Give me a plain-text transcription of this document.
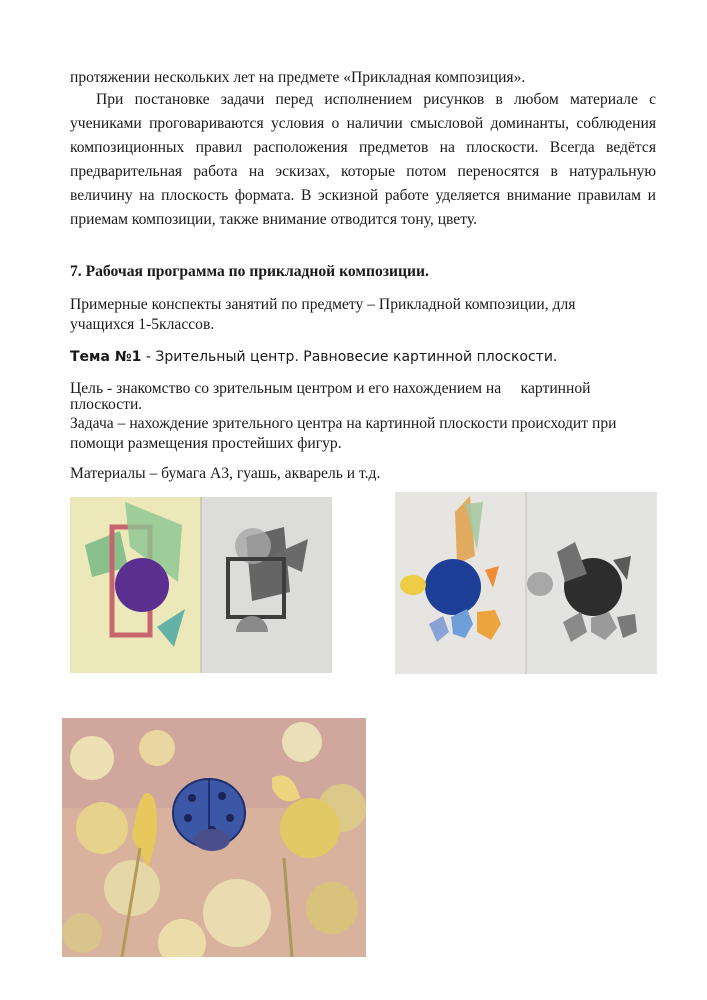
протяжении нескольких лет на предмете «Прикладная композиция».

При постановке задачи перед исполнением рисунков в любом материале с учениками проговариваются условия о наличии смысловой доминанты, соблюдения композиционных правил расположения предметов на плоскости. Всегда ведётся предварительная работа на эскизах, которые потом переносятся в натуральную величину на плоскость формата. В эскизной работе уделяется внимание правилам и приемам композиции, также внимание отводится тону, цвету.

7. Рабочая программа по прикладной композиции.

Примерные конспекты занятий по предмету – Прикладной композиции, для

учащихся 1-5классов.

Тема №1 - Зрительный центр. Равновесие картинной плоскости.

Цель - знакомство со зрительным центром и его нахождением на     картинной

плоскости.

Задача – нахождение зрительного центра на картинной плоскости происходит при

помощи размещения простейших фигур.

Материалы – бумага А3, гуашь, акварель и т.д.
